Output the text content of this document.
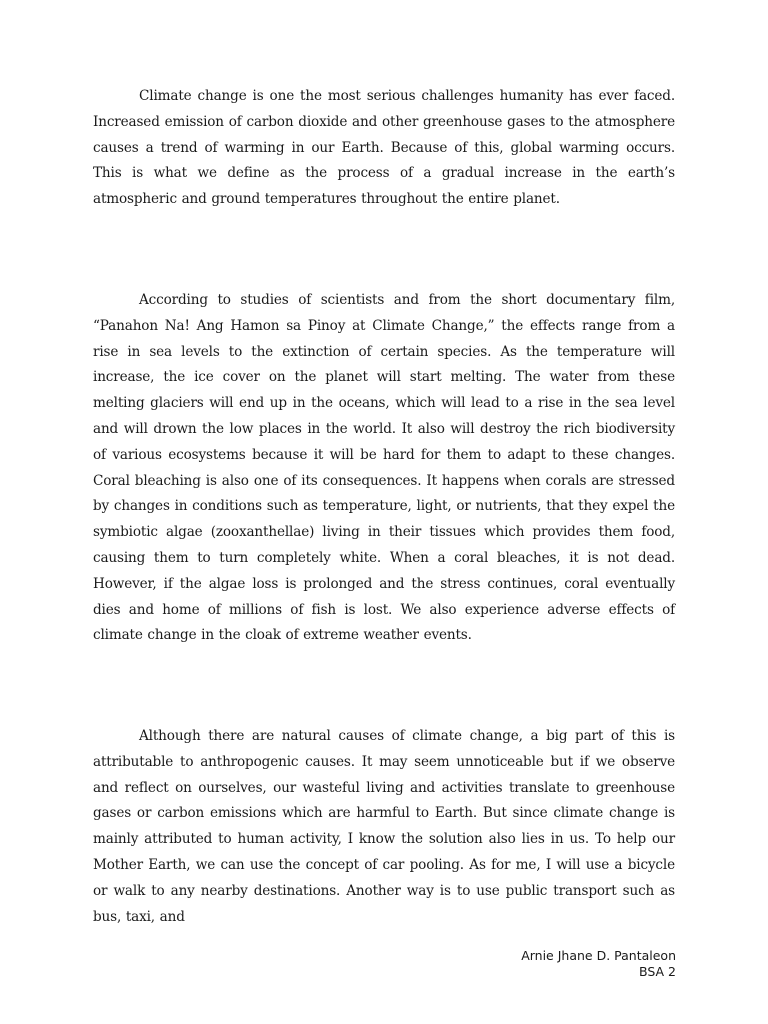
Climate change is one the most serious challenges humanity has ever faced. Increased emission of carbon dioxide and other greenhouse gases to the atmosphere causes a trend of warming in our Earth. Because of this, global warming occurs. This is what we define as the process of a gradual increase in the earth’s atmospheric and ground temperatures throughout the entire planet.

According to studies of scientists and from the short documentary film, “Panahon Na! Ang Hamon sa Pinoy at Climate Change,” the effects range from a rise in sea levels to the extinction of certain species. As the temperature will increase, the ice cover on the planet will start melting. The water from these melting glaciers will end up in the oceans, which will lead to a rise in the sea level and will drown the low places in the world. It also will destroy the rich biodiversity of various ecosystems because it will be hard for them to adapt to these changes. Coral bleaching is also one of its consequences. It happens when corals are stressed by changes in conditions such as temperature, light, or nutrients, that they expel the symbiotic algae (zooxanthellae) living in their tissues which provides them food, causing them to turn completely white. When a coral bleaches, it is not dead. However, if the algae loss is prolonged and the stress continues, coral eventually dies and home of millions of fish is lost. We also experience adverse effects of climate change in the cloak of extreme weather events.

Although there are natural causes of climate change, a big part of this is attributable to anthropogenic causes. It may seem unnoticeable but if we observe and reflect on ourselves, our wasteful living and activities translate to greenhouse gases or carbon emissions which are harmful to Earth. But since climate change is mainly attributed to human activity, I know the solution also lies in us. To help our Mother Earth, we can use the concept of car pooling. As for me, I will use a bicycle or walk to any nearby destinations. Another way is to use public transport such as bus, taxi, and

Arnie Jhane D. Pantaleon
BSA 2
